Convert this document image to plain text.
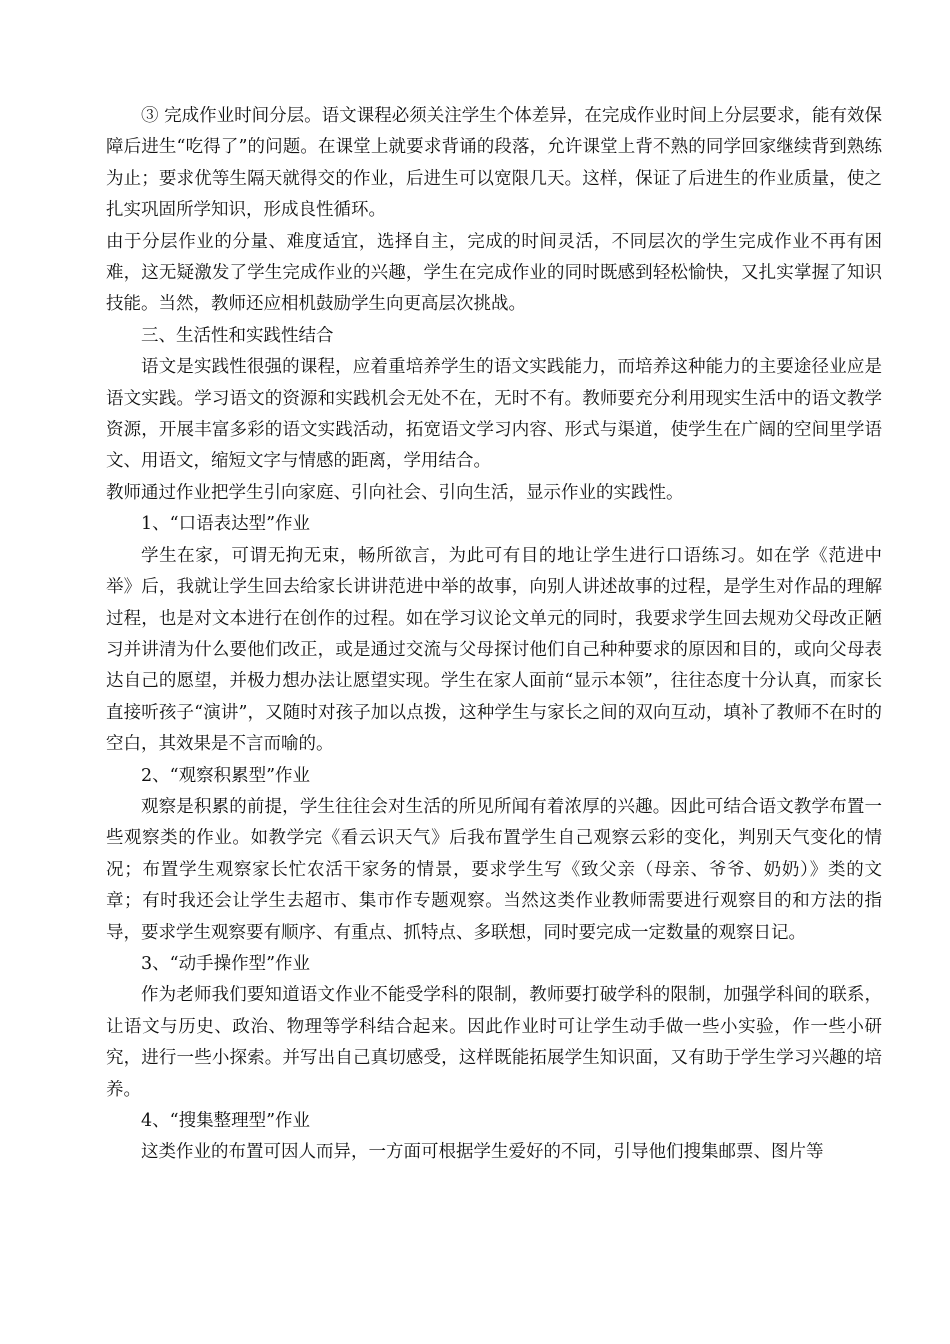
③ 完成作业时间分层。语文课程必须关注学生个体差异，在完成作业时间上分层要求，能有效保障后进生“吃得了”的问题。在课堂上就要求背诵的段落，允许课堂上背不熟的同学回家继续背到熟练为止；要求优等生隔天就得交的作业，后进生可以宽限几天。这样，保证了后进生的作业质量，使之扎实巩固所学知识，形成良性循环。

由于分层作业的分量、难度适宜，选择自主，完成的时间灵活，不同层次的学生完成作业不再有困难，这无疑激发了学生完成作业的兴趣，学生在完成作业的同时既感到轻松愉快，又扎实掌握了知识技能。当然，教师还应相机鼓励学生向更高层次挑战。

三、生活性和实践性结合

语文是实践性很强的课程，应着重培养学生的语文实践能力，而培养这种能力的主要途径业应是语文实践。学习语文的资源和实践机会无处不在，无时不有。教师要充分利用现实生活中的语文教学资源，开展丰富多彩的语文实践活动，拓宽语文学习内容、形式与渠道，使学生在广阔的空间里学语文、用语文，缩短文字与情感的距离，学用结合。

教师通过作业把学生引向家庭、引向社会、引向生活，显示作业的实践性。

1、“口语表达型”作业

学生在家，可谓无拘无束，畅所欲言，为此可有目的地让学生进行口语练习。如在学《范进中举》后，我就让学生回去给家长讲讲范进中举的故事，向别人讲述故事的过程，是学生对作品的理解过程，也是对文本进行在创作的过程。如在学习议论文单元的同时，我要求学生回去规劝父母改正陋习并讲清为什么要他们改正，或是通过交流与父母探讨他们自己种种要求的原因和目的，或向父母表达自己的愿望，并极力想办法让愿望实现。学生在家人面前“显示本领”，往往态度十分认真，而家长直接听孩子“演讲”，又随时对孩子加以点拨，这种学生与家长之间的双向互动，填补了教师不在时的空白，其效果是不言而喻的。

2、“观察积累型”作业

观察是积累的前提，学生往往会对生活的所见所闻有着浓厚的兴趣。因此可结合语文教学布置一些观察类的作业。如教学完《看云识天气》后我布置学生自己观察云彩的变化，判别天气变化的情况；布置学生观察家长忙农活干家务的情景，要求学生写《致父亲（母亲、爷爷、奶奶）》类的文章；有时我还会让学生去超市、集市作专题观察。当然这类作业教师需要进行观察目的和方法的指导，要求学生观察要有顺序、有重点、抓特点、多联想，同时要完成一定数量的观察日记。

3、“动手操作型”作业

作为老师我们要知道语文作业不能受学科的限制，教师要打破学科的限制，加强学科间的联系，让语文与历史、政治、物理等学科结合起来。因此作业时可让学生动手做一些小实验，作一些小研究，进行一些小探索。并写出自己真切感受，这样既能拓展学生知识面，又有助于学生学习兴趣的培养。

4、“搜集整理型”作业

这类作业的布置可因人而异，一方面可根据学生爱好的不同，引导他们搜集邮票、图片等
